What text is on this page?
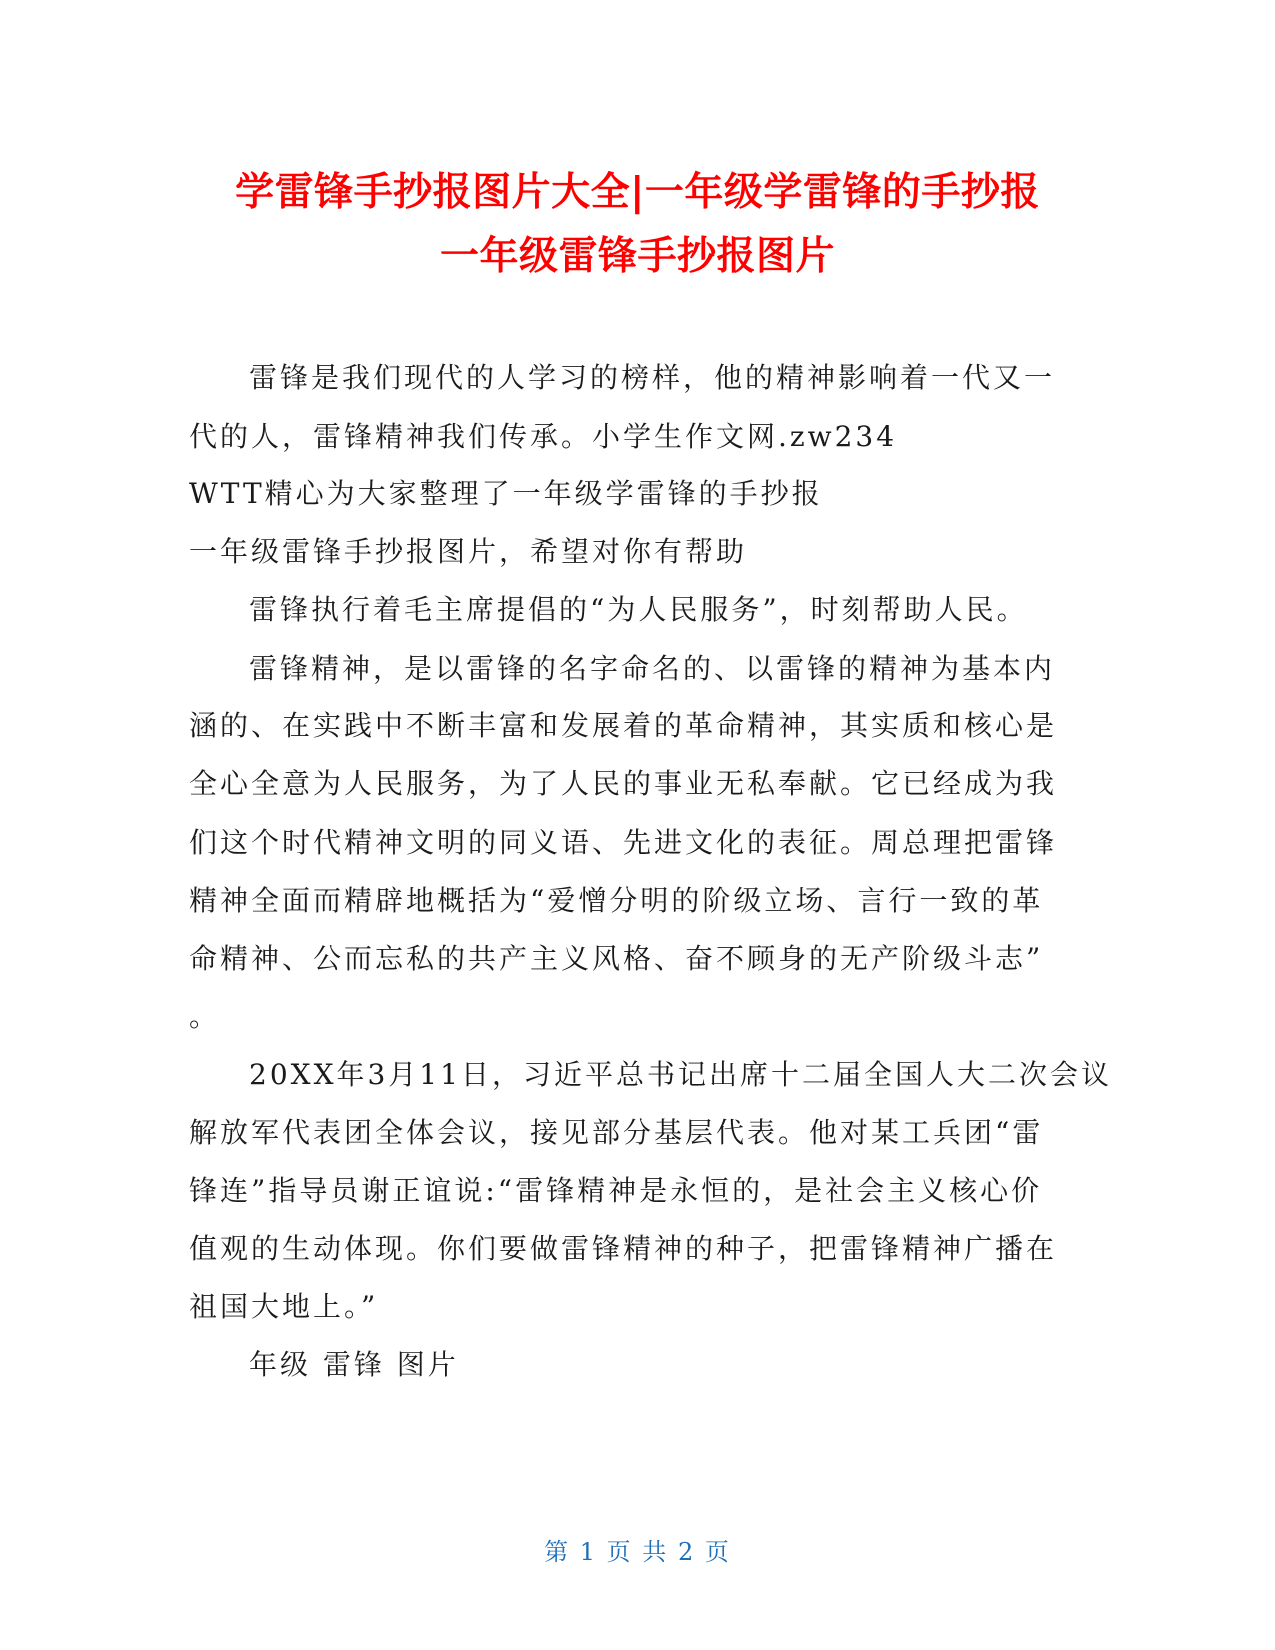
学雷锋手抄报图片大全|一年级学雷锋的手抄报
一年级雷锋手抄报图片
雷锋是我们现代的人学习的榜样，他的精神影响着一代又一
代的人，雷锋精神我们传承。小学生作文网.zw234
WTT精心为大家整理了一年级学雷锋的手抄报
一年级雷锋手抄报图片，希望对你有帮助
雷锋执行着毛主席提倡的“为人民服务”，时刻帮助人民。
雷锋精神，是以雷锋的名字命名的、以雷锋的精神为基本内
涵的、在实践中不断丰富和发展着的革命精神，其实质和核心是
全心全意为人民服务，为了人民的事业无私奉献。它已经成为我
们这个时代精神文明的同义语、先进文化的表征。周总理把雷锋
精神全面而精辟地概括为“爱憎分明的阶级立场、言行一致的革
命精神、公而忘私的共产主义风格、奋不顾身的无产阶级斗志”
。
20XX年3月11日，习近平总书记出席十二届全国人大二次会议
解放军代表团全体会议，接见部分基层代表。他对某工兵团“雷
锋连”指导员谢正谊说:“雷锋精神是永恒的，是社会主义核心价
值观的生动体现。你们要做雷锋精神的种子，把雷锋精神广播在
祖国大地上。”
年级 雷锋 图片
第 1 页 共 2 页
